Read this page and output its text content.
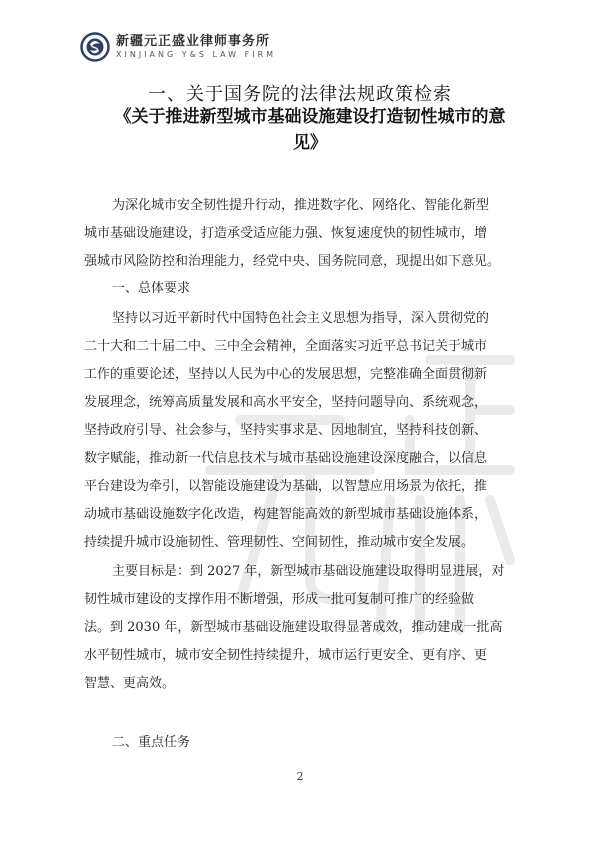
新疆元正盛业律师事务所
XINJIANG Y&S LAW FIRM
一、关于国务院的法律法规政策检索
《关于推进新型城市基础设施建设打造韧性城市的意
见》
为深化城市安全韧性提升行动，推进数字化、网络化、智能化新型
城市基础设施建设，打造承受适应能力强、恢复速度快的韧性城市，增
强城市风险防控和治理能力，经党中央、国务院同意，现提出如下意见。
一、总体要求
坚持以习近平新时代中国特色社会主义思想为指导，深入贯彻党的
二十大和二十届二中、三中全会精神，全面落实习近平总书记关于城市
工作的重要论述，坚持以人民为中心的发展思想，完整准确全面贯彻新
发展理念，统筹高质量发展和高水平安全，坚持问题导向、系统观念，
坚持政府引导、社会参与，坚持实事求是、因地制宜，坚持科技创新、
数字赋能，推动新一代信息技术与城市基础设施建设深度融合，以信息
平台建设为牵引，以智能设施建设为基础，以智慧应用场景为依托，推
动城市基础设施数字化改造，构建智能高效的新型城市基础设施体系，
持续提升城市设施韧性、管理韧性、空间韧性，推动城市安全发展。
主要目标是：到 2027 年，新型城市基础设施建设取得明显进展，对
韧性城市建设的支撑作用不断增强，形成一批可复制可推广的经验做
法。到 2030 年，新型城市基础设施建设取得显著成效，推动建成一批高
水平韧性城市，城市安全韧性持续提升，城市运行更安全、更有序、更
智慧、更高效。
二、重点任务
2
